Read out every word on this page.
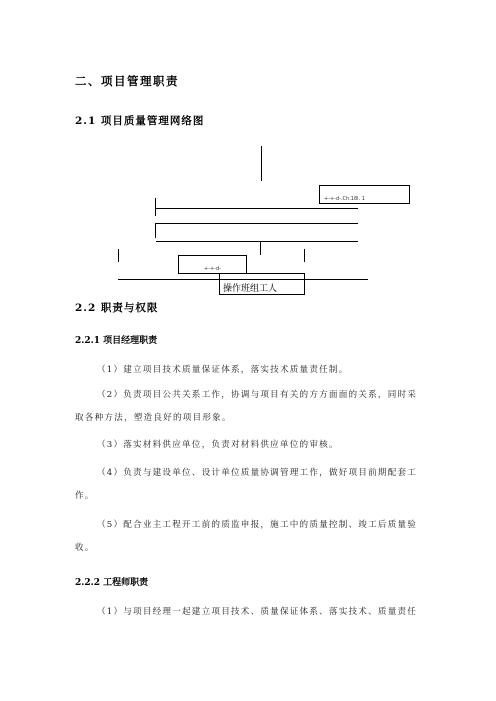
二、项目管理职责
2.1 项目质量管理网络图
+-+-d-.Ch.18l. 1
+-+-d-
操作班组工人
2.2 职责与权限
2.2.1 项目经理职责
（1）建立项目技术质量保证体系，落实技术质量责任制。
（2）负责项目公共关系工作，协调与项目有关的方方面面的关系，同时采取各种方法，塑造良好的项目形象。
（3）落实材料供应单位，负责对材料供应单位的审核。
（4）负责与建设单位、设计单位质量协调管理工作，做好项目前期配套工作。
（5）配合业主工程开工前的质监申报，施工中的质量控制、竣工后质量验收。
2.2.2 工程师职责
（1）与项目经理一起建立项目技术、质量保证体系、落实技术、质量责任
